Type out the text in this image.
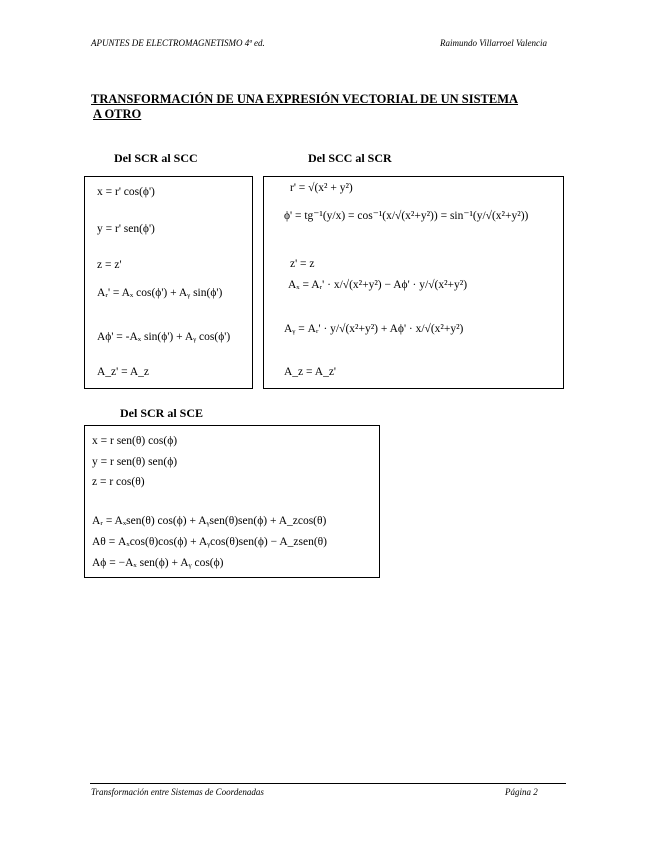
APUNTES DE ELECTROMAGNETISMO 4ª ed.	Raimundo Villarroel Valencia
TRANSFORMACIÓN DE UNA EXPRESIÓN VECTORIAL DE UN SISTEMA
A OTRO
Del SCR al SCC	Del SCC al SCR
Del SCR al SCE
x = r' cos(ϕ')
y = r' sen(ϕ')
z = z'
Aᵣ' = Aₓ cos(ϕ') + Aᵧ sin(ϕ')
Aϕ' = -Aₓ sin(ϕ') + Aᵧ cos(ϕ')
A_z' = A_z
r' = √(x² + y²)
ϕ' = tg⁻¹(y/x) = cos⁻¹(x/√(x²+y²)) = sin⁻¹(y/√(x²+y²))
z' = z
Aₓ = Aᵣ' · x/√(x²+y²) − Aϕ' · y/√(x²+y²)
Aᵧ = Aᵣ' · y/√(x²+y²) + Aϕ' · x/√(x²+y²)
A_z = A_z'
x = r sen(θ) cos(ϕ)
y = r sen(θ) sen(ϕ)
z = r cos(θ)
Aᵣ = Aₓsen(θ) cos(ϕ) + Aᵧsen(θ)sen(ϕ) + A_zcos(θ)
Aθ = Aₓcos(θ)cos(ϕ) + Aᵧcos(θ)sen(ϕ) − A_zsen(θ)
Aϕ = −Aₓ sen(ϕ) + Aᵧ cos(ϕ)
Transformación entre Sistemas de Coordenadas	Página 2
